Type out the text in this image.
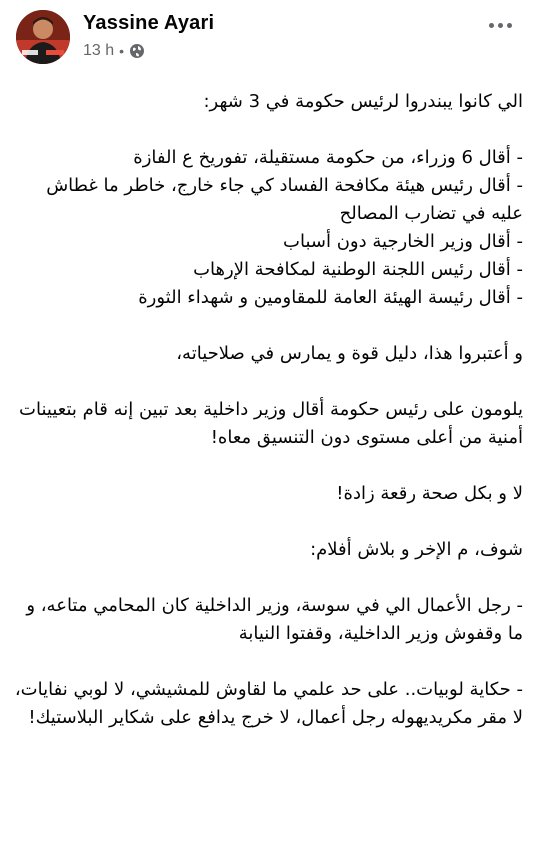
Yassine Ayari
13 h •

الي كانوا يبندروا لرئيس حكومة في 3 شهر:

- أقال 6 وزراء، من حكومة مستقيلة، تفوريخ ع الفازة

- أقال رئيس هيئة مكافحة الفساد كي جاء خارج، خاطر ما غطاش عليه في تضارب المصالح

- أقال وزير الخارجية دون أسباب

- أقال رئيس اللجنة الوطنية لمكافحة الإرهاب

- أقال رئيسة الهيئة العامة للمقاومين و شهداء الثورة

و أعتبروا هذا، دليل قوة و يمارس في صلاحياته،

يلومون على رئيس حكومة أقال وزير داخلية بعد تبين إنه قام بتعيينات أمنية من أعلى مستوى دون التنسيق معاه!

لا و بكل صحة رقعة زادة!

شوف، م الإخر و بلاش أفلام:

- رجل الأعمال الي في سوسة، وزير الداخلية كان المحامي متاعه، و ما وقفوش وزير الداخلية، وقفتوا النيابة

- حكاية لوبيات.. على حد علمي ما لقاوش للمشيشي، لا لوبي نفايات، لا مقر مكريديهوله رجل أعمال، لا خرج يدافع على شكاير البلاستيك!
